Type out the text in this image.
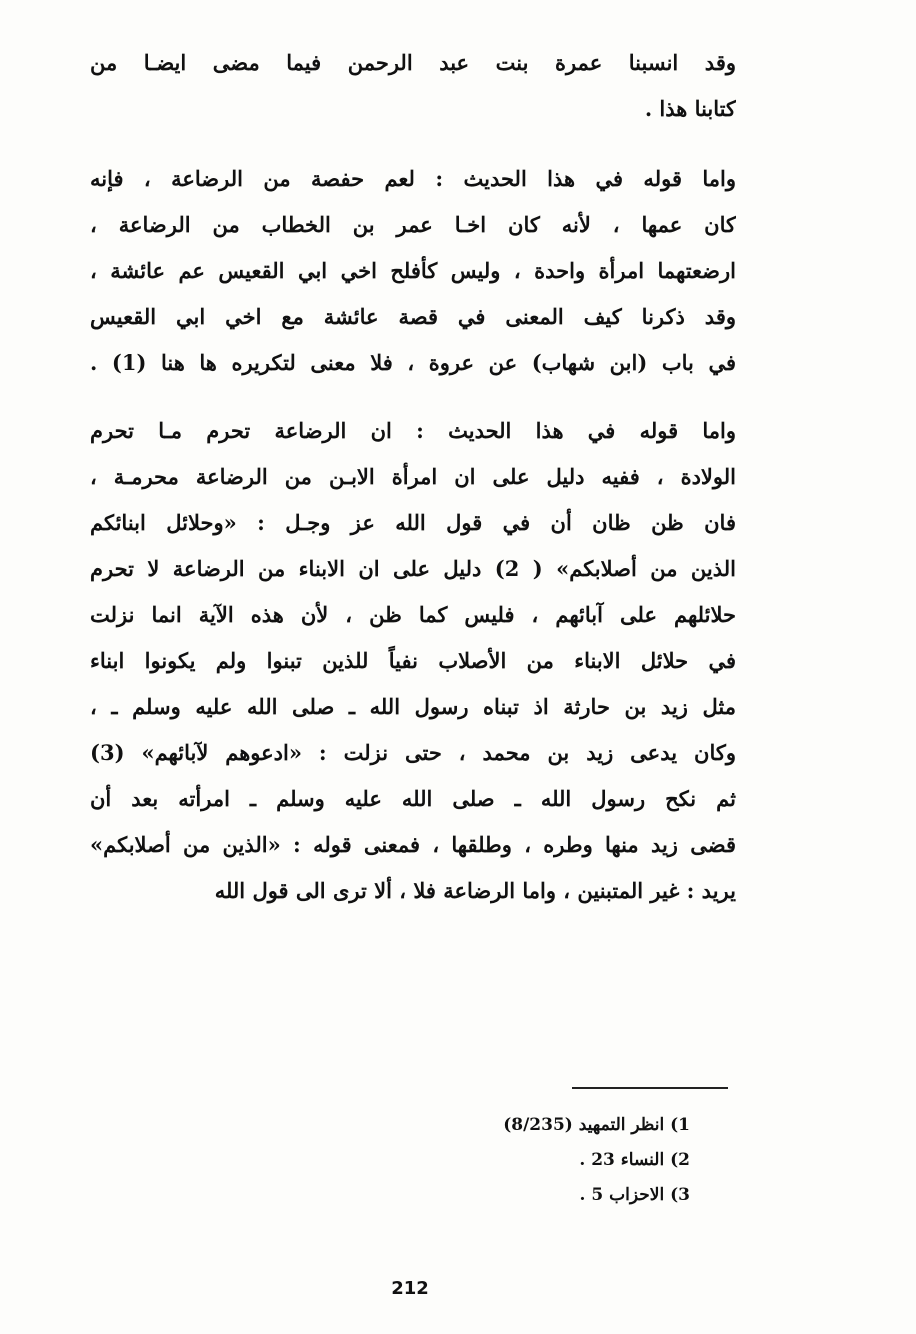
وقد انسبنا عمرة بنت عبد الرحمن فيما مضى ايضـا من
كتابنا هذا .
واما قوله في هذا الحديث : لعم حفصة من الرضاعة ، فإنه
كان عمها ، لأنه كان اخـا عمر بن الخطاب من الرضاعة ،
ارضعتهما امرأة واحدة ، وليس كأفلح اخي ابي القعيس عم عائشة ،
وقد ذكرنا كيف المعنى في قصة عائشة مع اخي ابي القعيس
في باب (ابن شهاب) عن عروة ، فلا معنى لتكريره ها هنا (1) .
واما قوله في هذا الحديث : ان الرضاعة تحرم مـا تحرم
الولادة ، ففيه دليل على ان امرأة الابـن من الرضاعة محرمـة ،
فان ظن ظان أن في قول الله عز وجـل : «وحلائل ابنائكم
الذين من أصلابكم» ( 2) دليل على ان الابناء من الرضاعة لا تحرم
حلائلهم على آبائهم ، فليس كما ظن ، لأن هذه الآية انما نزلت
في حلائل الابناء من الأصلاب نفياً للذين تبنوا ولم يكونوا ابناء
مثل زيد بن حارثة اذ تبناه رسول الله ـ صلى الله عليه وسلم ـ ،
وكان يدعى زيد بن محمد ، حتى نزلت : «ادعوهم لآبائهم» (3)
ثم نكح رسول الله ـ صلى الله عليه وسلم ـ امرأته بعد أن
قضى زيد منها وطره ، وطلقها ، فمعنى قوله : «الذين من أصلابكم»
يريد : غير المتبنين ، واما الرضاعة فلا ، ألا ترى الى قول الله
1) انظر التمهيد (8/235)
2) النساء 23 .
3) الاحزاب 5 .
212
